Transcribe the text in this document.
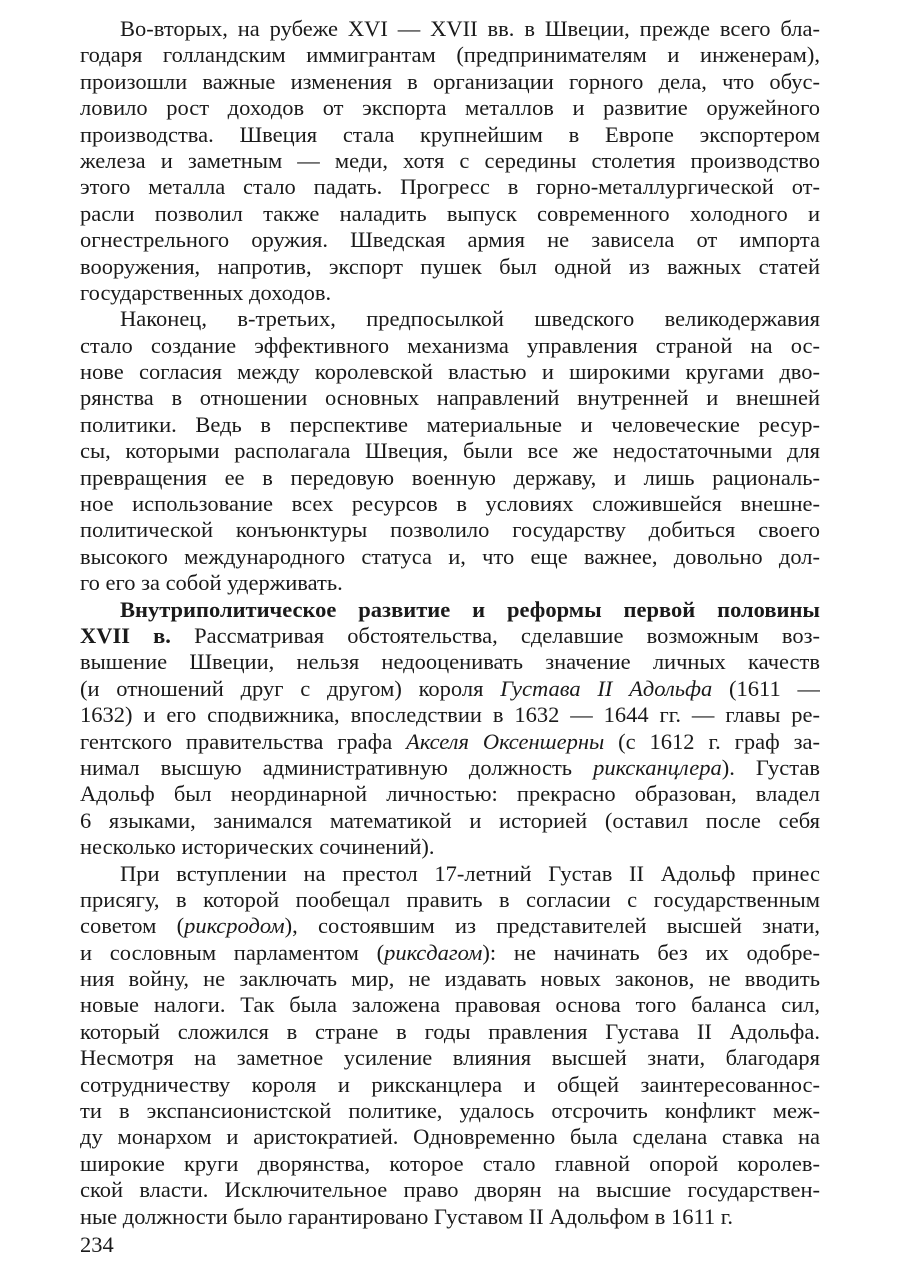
Во-вторых, на рубеже XVI — XVII вв. в Швеции, прежде всего бла-
годаря голландским иммигрантам (предпринимателям и инженерам),
произошли важные изменения в организации горного дела, что обус-
ловило рост доходов от экспорта металлов и развитие оружейного
производства. Швеция стала крупнейшим в Европе экспортером
железа и заметным — меди, хотя с середины столетия производство
этого металла стало падать. Прогресс в горно-металлургической от-
расли позволил также наладить выпуск современного холодного и
огнестрельного оружия. Шведская армия не зависела от импорта
вооружения, напротив, экспорт пушек был одной из важных статей
государственных доходов.
Наконец, в-третьих, предпосылкой шведского великодержавия
стало создание эффективного механизма управления страной на ос-
нове согласия между королевской властью и широкими кругами дво-
рянства в отношении основных направлений внутренней и внешней
политики. Ведь в перспективе материальные и человеческие ресур-
сы, которыми располагала Швеция, были все же недостаточными для
превращения ее в передовую военную державу, и лишь рациональ-
ное использование всех ресурсов в условиях сложившейся внешне-
политической конъюнктуры позволило государству добиться своего
высокого международного статуса и, что еще важнее, довольно дол-
го его за собой удерживать.
Внутриполитическое развитие и реформы первой половины
XVII в. Рассматривая обстоятельства, сделавшие возможным воз-
вышение Швеции, нельзя недооценивать значение личных качеств
(и отношений друг с другом) короля Густава II Адольфа (1611 —
1632) и его сподвижника, впоследствии в 1632 — 1644 гг. — главы ре-
гентского правительства графа Акселя Оксеншерны (с 1612 г. граф за-
нимал высшую административную должность риксканцлера). Густав
Адольф был неординарной личностью: прекрасно образован, владел
6 языками, занимался математикой и историей (оставил после себя
несколько исторических сочинений).
При вступлении на престол 17-летний Густав II Адольф принес
присягу, в которой пообещал править в согласии с государственным
советом (риксродом), состоявшим из представителей высшей знати,
и сословным парламентом (риксдагом): не начинать без их одобре-
ния войну, не заключать мир, не издавать новых законов, не вводить
новые налоги. Так была заложена правовая основа того баланса сил,
который сложился в стране в годы правления Густава II Адольфа.
Несмотря на заметное усиление влияния высшей знати, благодаря
сотрудничеству короля и риксканцлера и общей заинтересованнос-
ти в экспансионистской политике, удалось отсрочить конфликт меж-
ду монархом и аристократией. Одновременно была сделана ставка на
широкие круги дворянства, которое стало главной опорой королев-
ской власти. Исключительное право дворян на высшие государствен-
ные должности было гарантировано Густавом II Адольфом в 1611 г.
234
